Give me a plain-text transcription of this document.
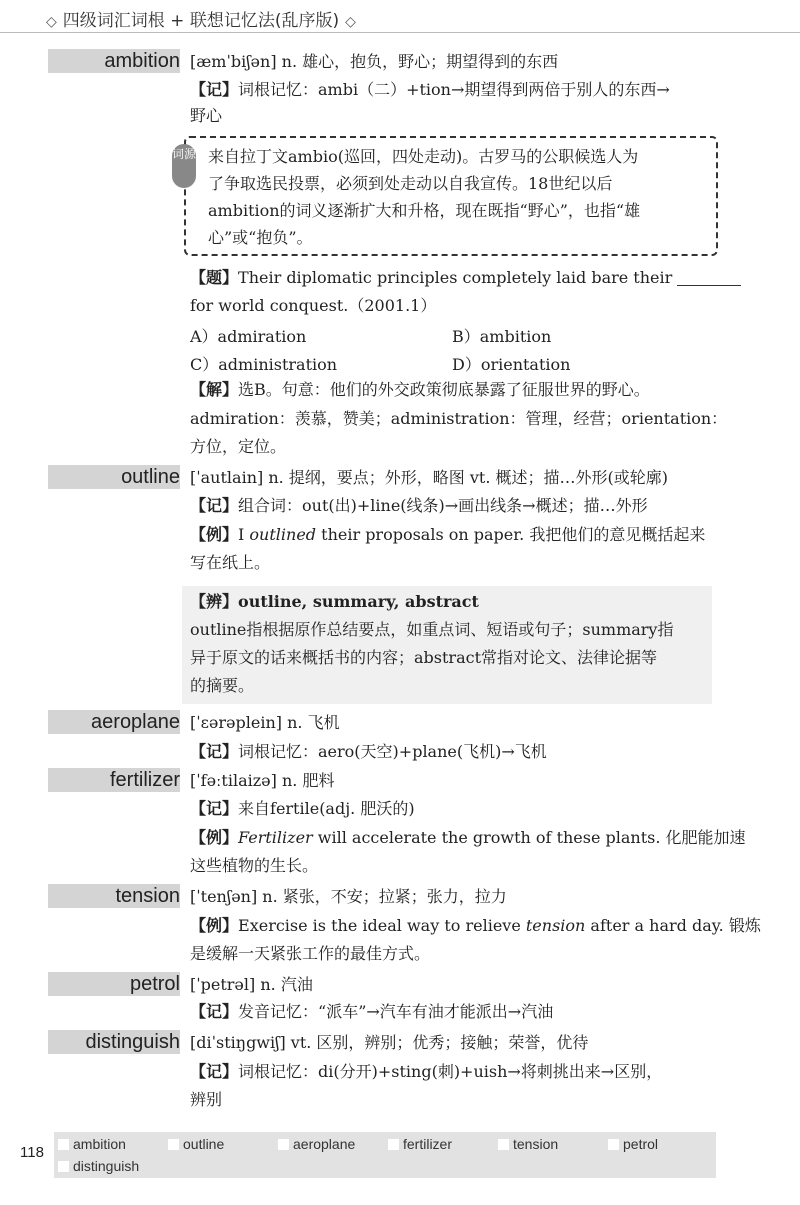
◇ 四级词汇词根 + 联想记忆法(乱序版) ◇
ambition [æmˈbiʃən] n. 雄心，抱负，野心；期望得到的东西
【记】词根记忆：ambi（二）+tion→期望得到两倍于别人的东西→
野心
词源 来自拉丁文ambio(巡回，四处走动)。古罗马的公职候选人为
了争取选民投票，必须到处走动以自我宣传。18世纪以后
ambition的词义逐渐扩大和升格，现在既指“野心”，也指“雄
心”或“抱负”。
【题】Their diplomatic principles completely laid bare their
for world conquest.（2001.1）
A）admiration	B）ambition
C）administration	D）orientation
【解】选B。句意：他们的外交政策彻底暴露了征服世界的野心。
admiration：羡慕，赞美；administration：管理，经营；orientation：
方位，定位。
outline [ˈautlain] n. 提纲，要点；外形，略图 vt. 概述；描…外形(或轮廓)
【记】组合词：out(出)+line(线条)→画出线条→概述；描…外形
【例】I outlined their proposals on paper. 我把他们的意见概括起来
写在纸上。
【辨】outline, summary, abstract
outline指根据原作总结要点，如重点词、短语或句子；summary指
异于原文的话来概括书的内容；abstract常指对论文、法律论据等
的摘要。
aeroplane [ˈɛərəplein] n. 飞机
【记】词根记忆：aero(天空)+plane(飞机)→飞机
fertilizer [ˈfəːtilaizə] n. 肥料
【记】来自fertile(adj. 肥沃的)
【例】Fertilizer will accelerate the growth of these plants. 化肥能加速
这些植物的生长。
tension [ˈtenʃən] n. 紧张，不安；拉紧；张力，拉力
【例】Exercise is the ideal way to relieve tension after a hard day. 锻炼
是缓解一天紧张工作的最佳方式。
petrol [ˈpetrəl] n. 汽油
【记】发音记忆：“派车”→汽车有油才能派出→汽油
distinguish [diˈstiŋgwiʃ] vt. 区别，辨别；优秀；接触；荣誉，优待
【记】词根记忆：di(分开)+sting(刺)+uish→将刺挑出来→区别，
辨别
118	ambition	outline	aeroplane	fertilizer	tension	petrol
distinguish
